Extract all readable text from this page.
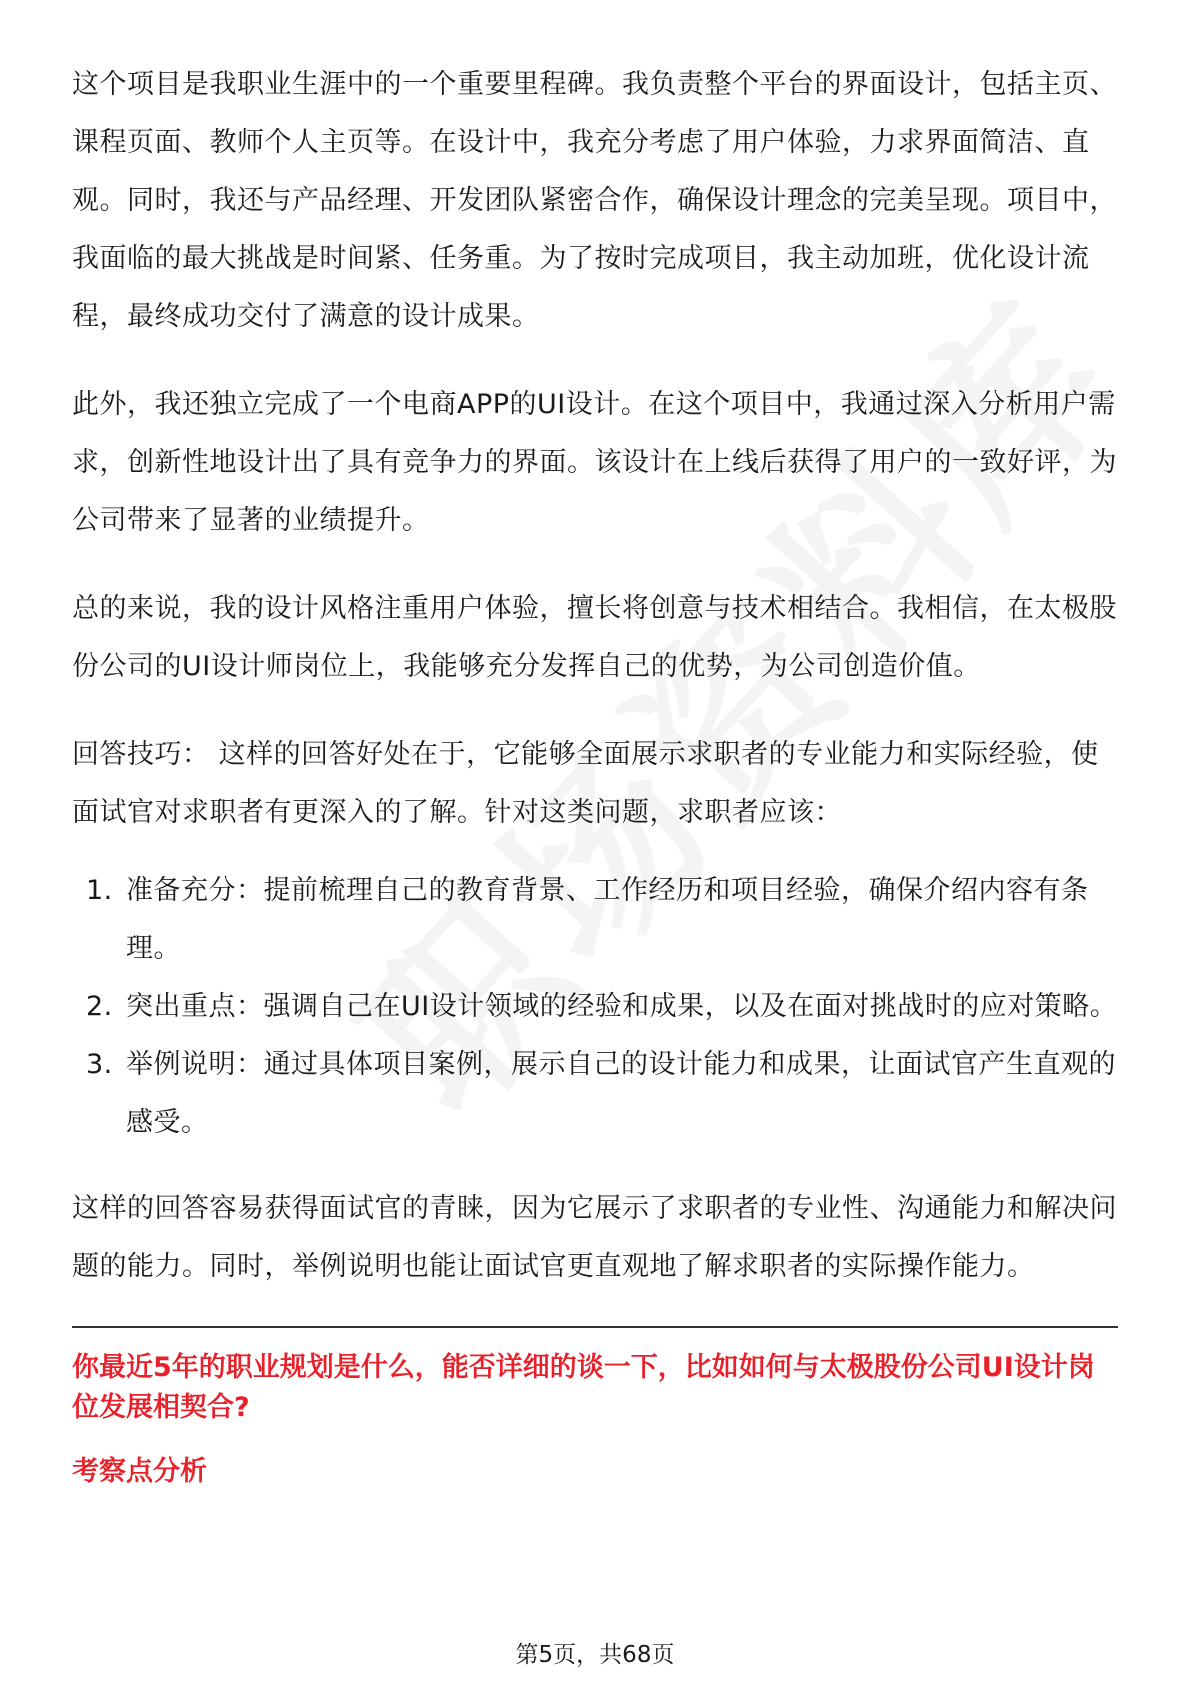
这个项目是我职业生涯中的一个重要里程碑。我负责整个平台的界面设计，包括主页、课程页面、教师个人主页等。在设计中，我充分考虑了用户体验，力求界面简洁、直观。同时，我还与产品经理、开发团队紧密合作，确保设计理念的完美呈现。项目中，我面临的最大挑战是时间紧、任务重。为了按时完成项目，我主动加班，优化设计流程，最终成功交付了满意的设计成果。

此外，我还独立完成了一个电商APP的UI设计。在这个项目中，我通过深入分析用户需求，创新性地设计出了具有竞争力的界面。该设计在上线后获得了用户的一致好评，为公司带来了显著的业绩提升。

总的来说，我的设计风格注重用户体验，擅长将创意与技术相结合。我相信，在太极股份公司的UI设计师岗位上，我能够充分发挥自己的优势，为公司创造价值。

回答技巧： 这样的回答好处在于，它能够全面展示求职者的专业能力和实际经验，使面试官对求职者有更深入的了解。针对这类问题，求职者应该：

1. 准备充分：提前梳理自己的教育背景、工作经历和项目经验，确保介绍内容有条理。
2. 突出重点：强调自己在UI设计领域的经验和成果，以及在面对挑战时的应对策略。
3. 举例说明：通过具体项目案例，展示自己的设计能力和成果，让面试官产生直观的感受。

这样的回答容易获得面试官的青睐，因为它展示了求职者的专业性、沟通能力和解决问题的能力。同时，举例说明也能让面试官更直观地了解求职者的实际操作能力。

你最近5年的职业规划是什么，能否详细的谈一下，比如如何与太极股份公司UI设计岗位发展相契合?

考察点分析

第5页，共68页
